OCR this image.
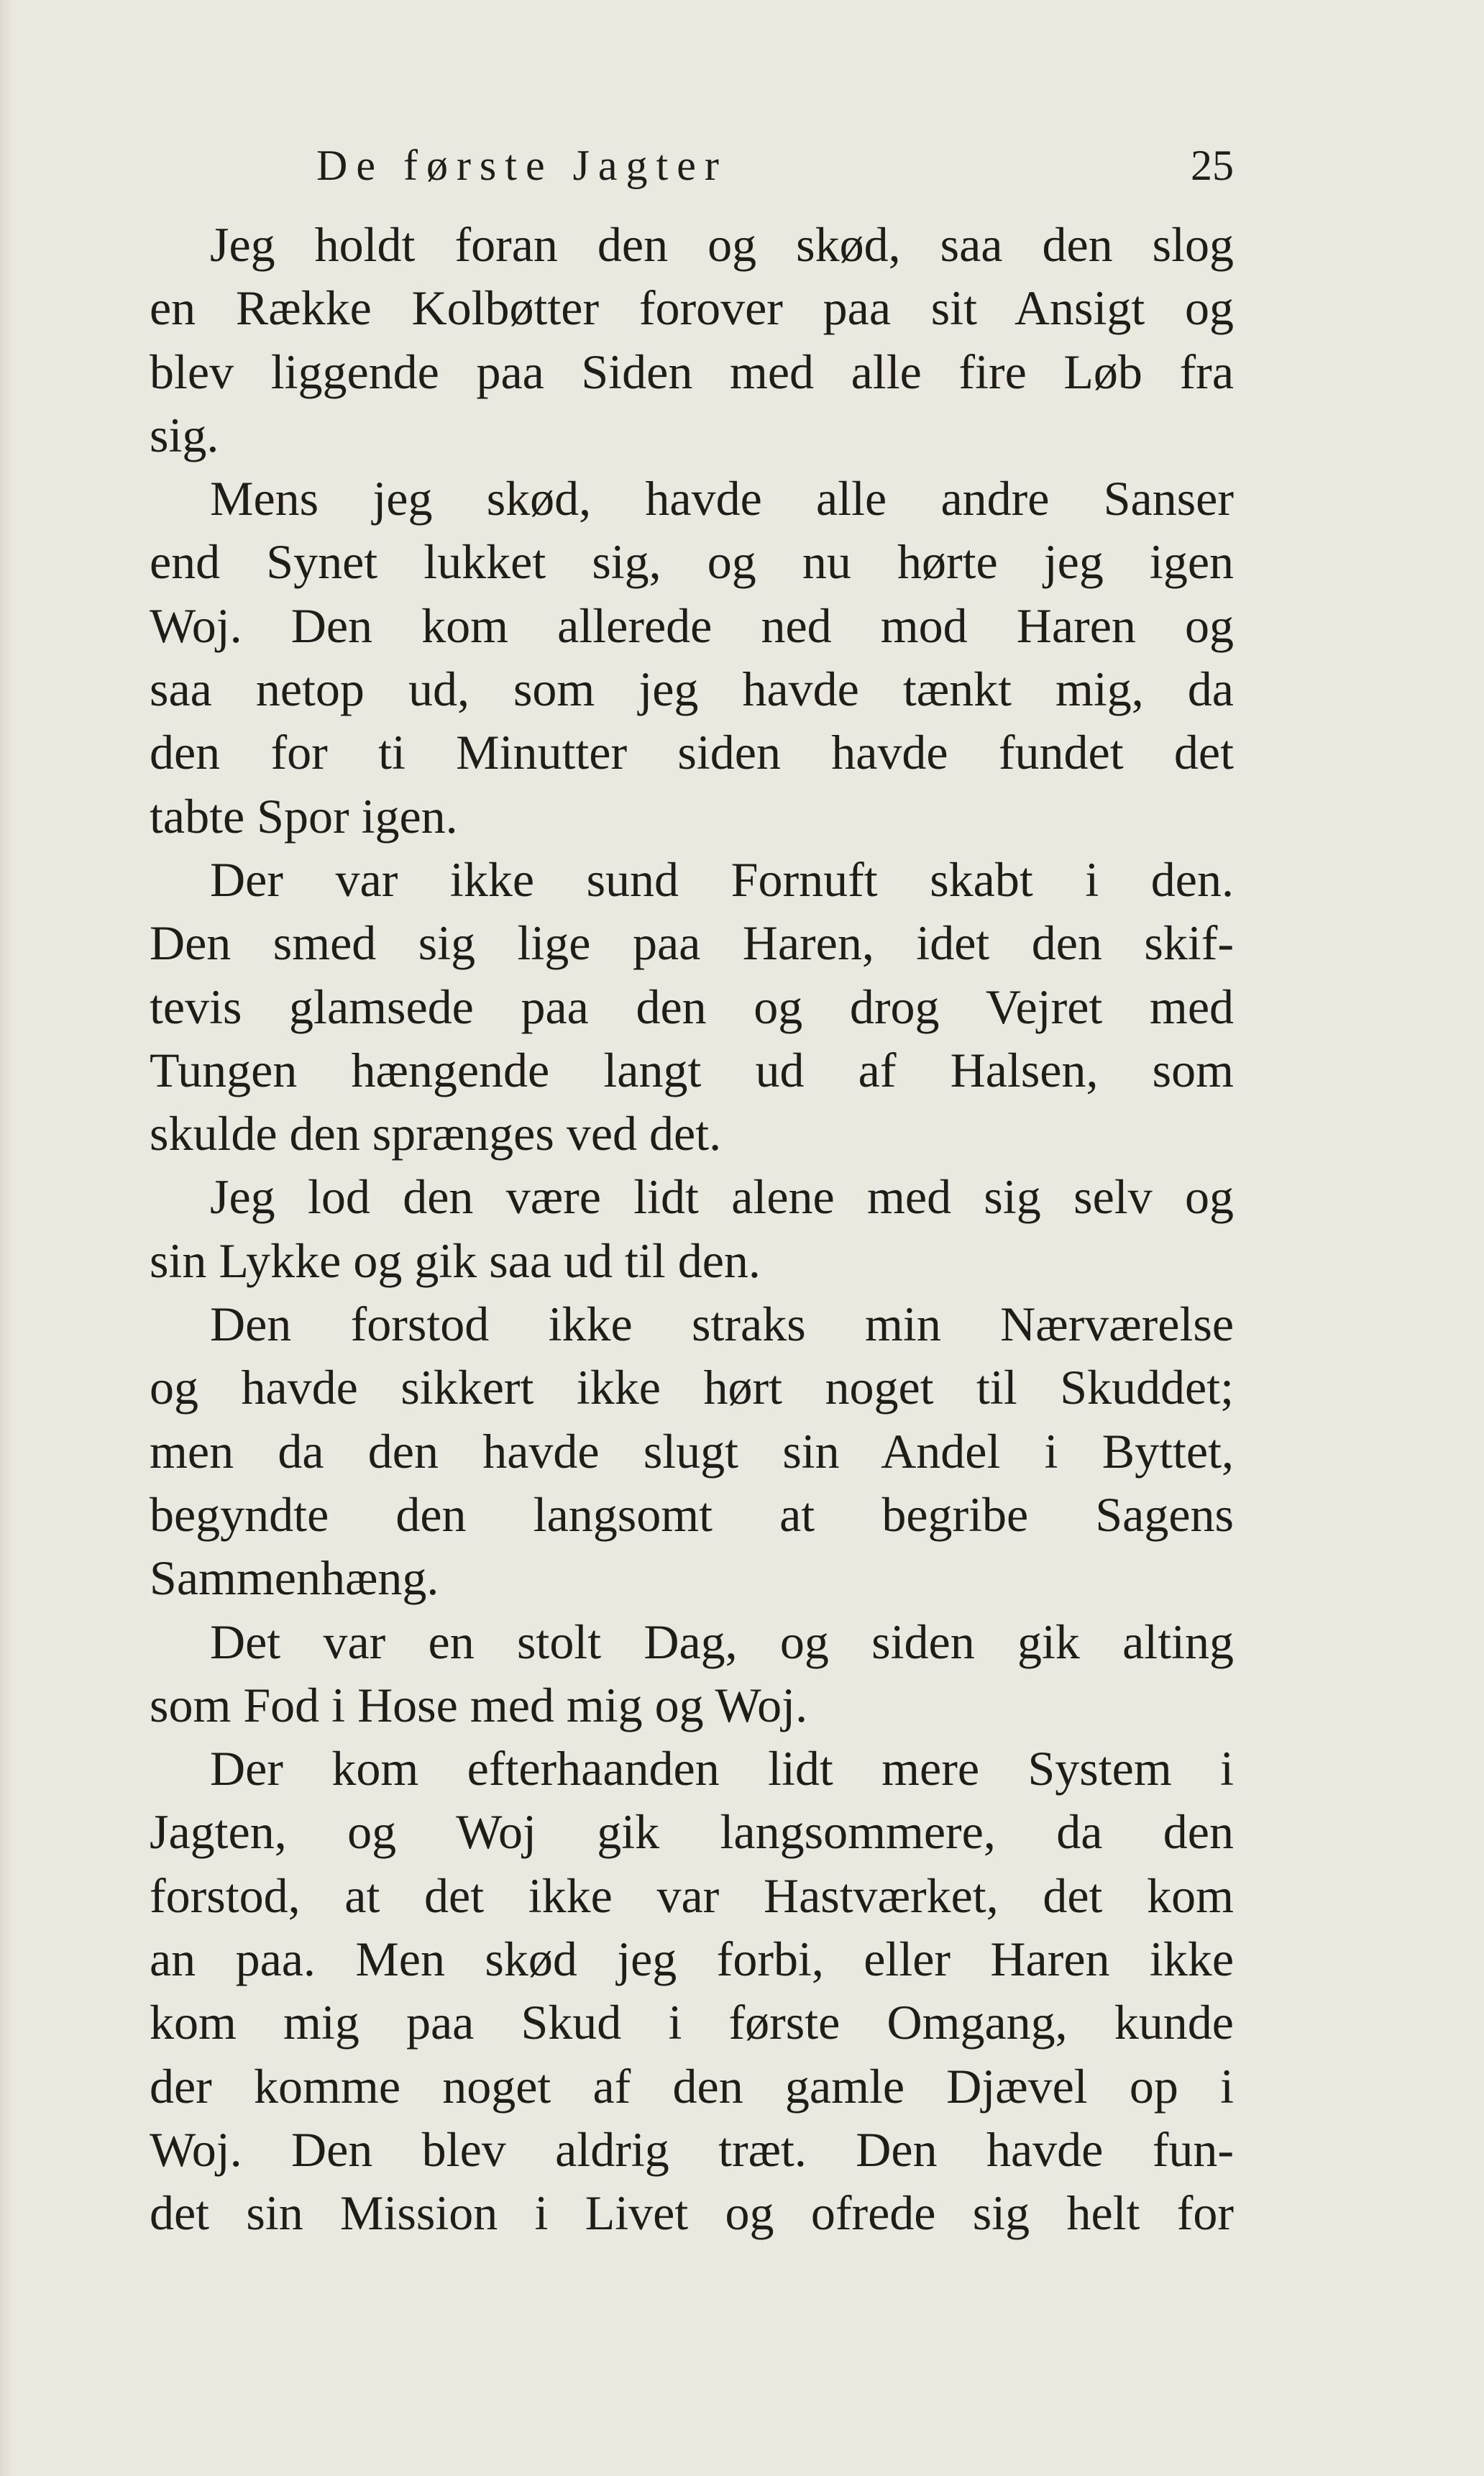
De første Jagter	25
Jeg holdt foran den og skød, saa den slog
en Række Kolbøtter forover paa sit Ansigt og
blev liggende paa Siden med alle fire Løb fra
sig.
Mens jeg skød, havde alle andre Sanser
end Synet lukket sig, og nu hørte jeg igen
Woj. Den kom allerede ned mod Haren og
saa netop ud, som jeg havde tænkt mig, da
den for ti Minutter siden havde fundet det
tabte Spor igen.
Der var ikke sund Fornuft skabt i den.
Den smed sig lige paa Haren, idet den skif-
tevis glamsede paa den og drog Vejret med
Tungen hængende langt ud af Halsen, som
skulde den sprænges ved det.
Jeg lod den være lidt alene med sig selv og
sin Lykke og gik saa ud til den.
Den forstod ikke straks min Nærværelse
og havde sikkert ikke hørt noget til Skuddet;
men da den havde slugt sin Andel i Byttet,
begyndte den langsomt at begribe Sagens
Sammenhæng.
Det var en stolt Dag, og siden gik alting
som Fod i Hose med mig og Woj.
Der kom efterhaanden lidt mere System i
Jagten, og Woj gik langsommere, da den
forstod, at det ikke var Hastværket, det kom
an paa. Men skød jeg forbi, eller Haren ikke
kom mig paa Skud i første Omgang, kunde
der komme noget af den gamle Djævel op i
Woj. Den blev aldrig træt. Den havde fun-
det sin Mission i Livet og ofrede sig helt for
